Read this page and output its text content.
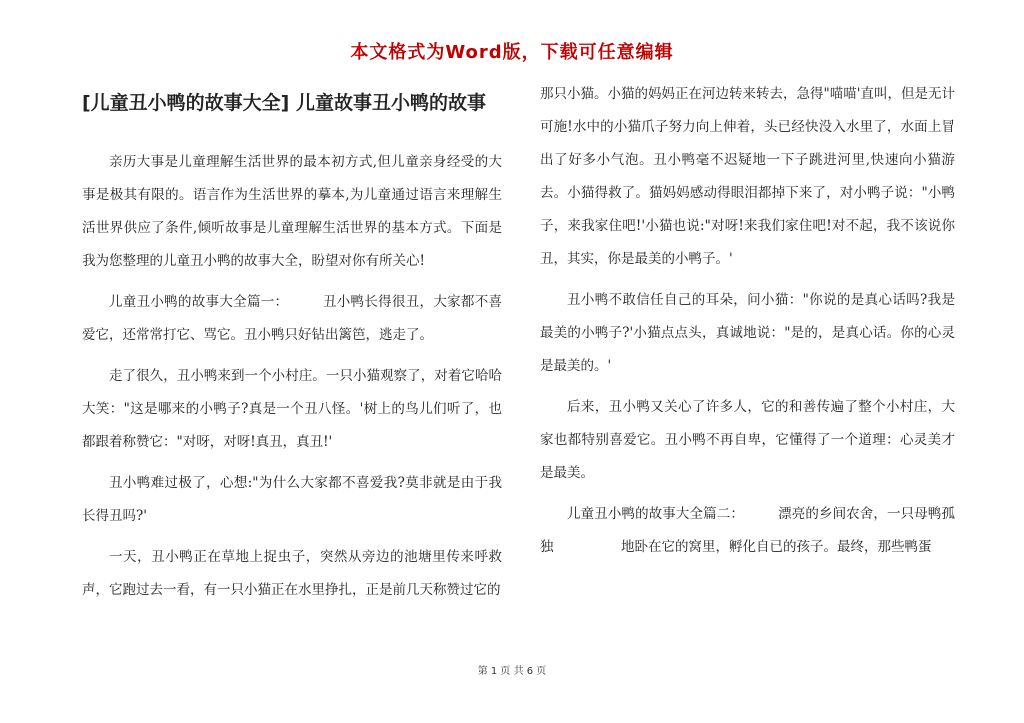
本文格式为Word版，下载可任意编辑
[儿童丑小鸭的故事大全] 儿童故事丑小鸭的故事

亲历大事是儿童理解生活世界的最本初方式,但儿童亲身经受的大事是极其有限的。语言作为生活世界的摹本,为儿童通过语言来理解生活世界供应了条件,倾听故事是儿童理解生活世界的基本方式。下面是我为您整理的儿童丑小鸭的故事大全，盼望对你有所关心!

儿童丑小鸭的故事大全篇一：　　　丑小鸭长得很丑，大家都不喜爱它，还常常打它、骂它。丑小鸭只好钻出篱笆，逃走了。

走了很久，丑小鸭来到一个小村庄。一只小猫观察了，对着它哈哈大笑："这是哪来的小鸭子?真是一个丑八怪。'树上的鸟儿们听了，也都跟着称赞它："对呀，对呀!真丑，真丑!'

丑小鸭难过极了，心想:"为什么大家都不喜爱我?莫非就是由于我长得丑吗?'

一天，丑小鸭正在草地上捉虫子，突然从旁边的池塘里传来呼救声，它跑过去一看，有一只小猫正在水里挣扎，正是前几天称赞过它的

那只小猫。小猫的妈妈正在河边转来转去，急得"喵喵'直叫，但是无计可施!水中的小猫爪子努力向上伸着，头已经快没入水里了，水面上冒出了好多小气泡。丑小鸭毫不迟疑地一下子跳进河里,快速向小猫游去。小猫得救了。猫妈妈感动得眼泪都掉下来了，对小鸭子说："小鸭子，来我家住吧!'小猫也说:"对呀!来我们家住吧!对不起，我不该说你丑，其实，你是最美的小鸭子。'

丑小鸭不敢信任自己的耳朵，问小猫："你说的是真心话吗?我是最美的小鸭子?'小猫点点头，真诚地说："是的，是真心话。你的心灵是最美的。'

后来，丑小鸭又关心了许多人，它的和善传遍了整个小村庄，大家也都特别喜爱它。丑小鸭不再自卑，它懂得了一个道理：心灵美才是最美。

儿童丑小鸭的故事大全篇二：　　　漂亮的乡间农舍，一只母鸭孤独　　　　　地卧在它的窝里，孵化自已的孩子。最终，那些鸭蛋

第 1 页 共 6 页
